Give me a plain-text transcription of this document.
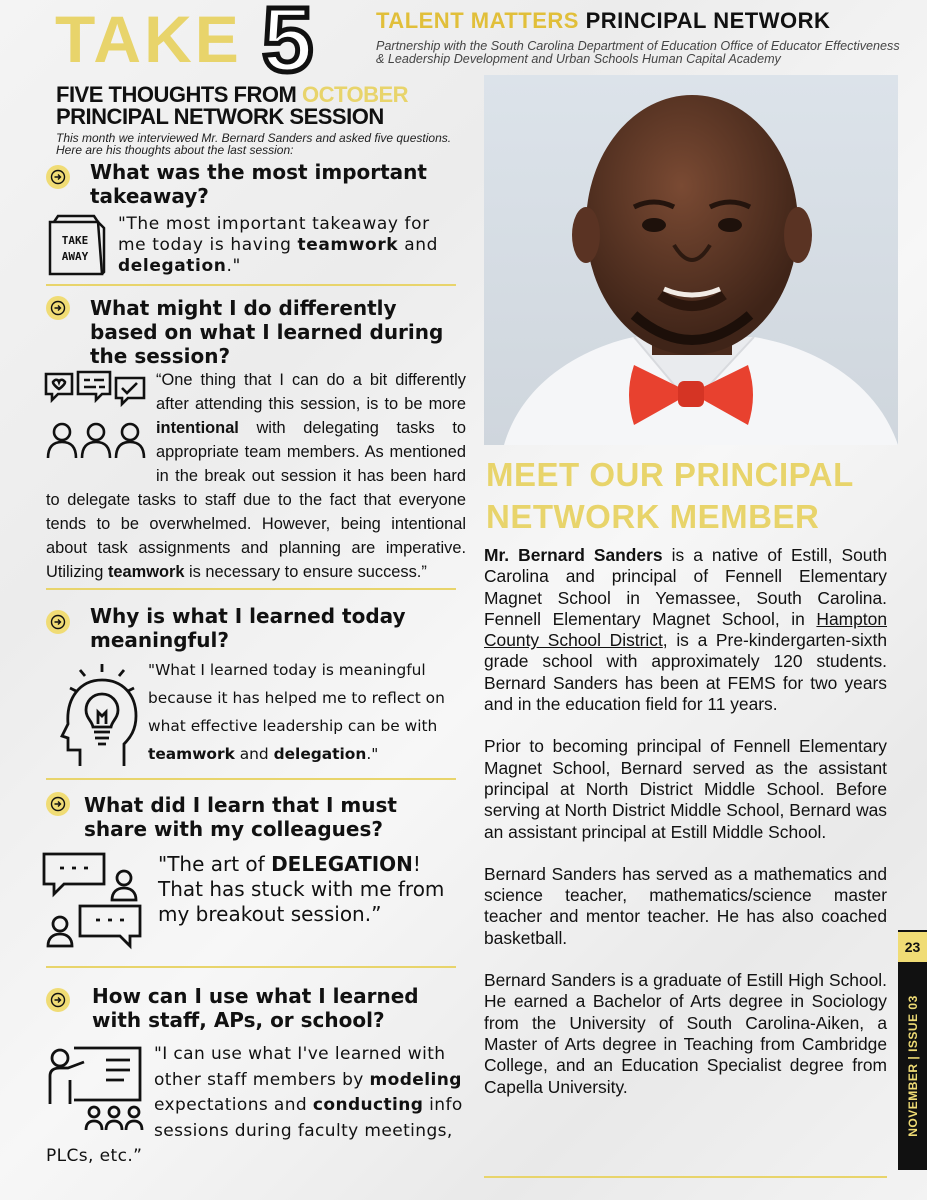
TAKE 5	TALENT MATTERS PRINCIPAL NETWORK
Partnership with the South Carolina Department of Education Office of Educator Effectiveness & Leadership Development and Urban Schools Human Capital Academy
FIVE THOUGHTS FROM OCTOBER
PRINCIPAL NETWORK SESSION
This month we interviewed Mr. Bernard Sanders and asked five questions. Here are his thoughts about the last session:
What was the most important takeaway?
TAKE
AWAY
"The most important takeaway for me today is having teamwork and delegation."
What might I do differently based on what I learned during the session?
“One thing that I can do a bit differently after attending this session, is to be more intentional with delegating tasks to appropriate team members. As mentioned in the break out session it has been hard to delegate tasks to staff due to the fact that everyone tends to be overwhelmed. However, being intentional about task assignments and planning are imperative. Utilizing teamwork is necessary to ensure success.”
Why is what I learned today meaningful?
"What I learned today is meaningful because it has helped me to reflect on what effective leadership can be with teamwork and delegation."
What did I learn that I must share with my colleagues?
"The art of DELEGATION! That has stuck with me from my breakout session.”
How can I use what I learned with staff, APs, or school?
"I can use what I've learned with other staff members by modeling expectations and conducting info sessions during faculty meetings, PLCs, etc.”
MEET OUR PRINCIPAL
NETWORK MEMBER

Mr. Bernard Sanders is a native of Estill, South Carolina and principal of Fennell Elementary Magnet School in Yemassee, South Carolina. Fennell Elementary Magnet School, in Hampton County School District, is a Pre-kindergarten-sixth grade school with approximately 120 students. Bernard Sanders has been at FEMS for two years and in the education field for 11 years.

Prior to becoming principal of Fennell Elementary Magnet School, Bernard served as the assistant principal at North District Middle School. Before serving at North District Middle School, Bernard was an assistant principal at Estill Middle School.

Bernard Sanders has served as a mathematics and science teacher, mathematics/science master teacher and mentor teacher. He has also coached basketball.

Bernard Sanders is a graduate of Estill High School. He earned a Bachelor of Arts degree in Sociology from the University of South Carolina-Aiken, a Master of Arts degree in Teaching from Cambridge College, and an Education Specialist degree from Capella University.

23
NOVEMBER | ISSUE 03
